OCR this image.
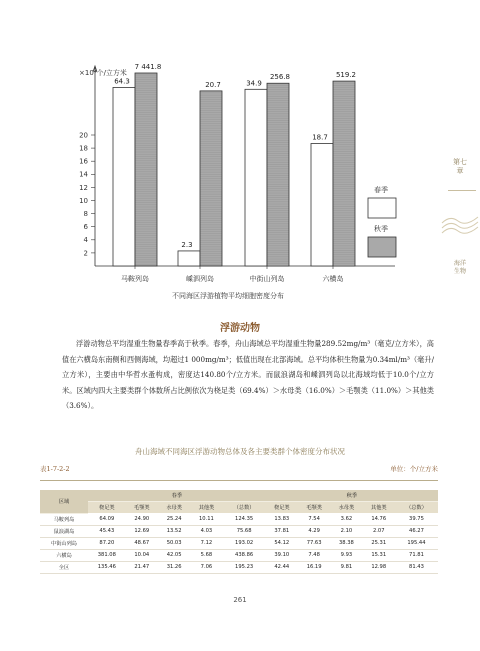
×10⁴个/立方米
2
4
6
8
10
12
14
16
18
20
64.3
7 441.8
马鞍列岛
2.3
20.7
嵊泗列岛
34.9
256.8
中街山列岛
18.7
519.2
六横岛
春季
秋季
不同海区浮游植物平均细胞密度分布
第七章
海洋生物
浮游动物

浮游动物总平均湿重生物量春季高于秋季。春季，舟山海域总平均湿重生物量289.52mg/m³（毫克/立方米），高值在六横岛东南侧和西侧海域，均超过1 000mg/m³；低值出现在北部海域。总平均体积生物量为0.34ml/m³（毫升/立方米），主要由中华哲水蚤构成，密度达140.80个/立方米。而鼠浪湖岛和嵊泗列岛以北海域均低于10.0个/立方米。区域内四大主要类群个体数所占比例依次为桡足类（69.4%）＞水母类（16.0%）＞毛颚类（11.0%）＞其他类（3.6%）。

舟山海域不同海区浮游动物总体及各主要类群个体密度分布状况
表1-7-2-2	单位：个/立方米
区域	春季					秋季				
	桡足类	毛颚类	水母类	其他类	（总数）	桡足类	毛颚类	水母类	其他类	（总数）
马鞍列岛	64.09	24.90	25.24	10.11	124.35	13.83	7.54	3.62	14.76	39.75
鼠浪湖岛	45.43	12.69	13.52	4.03	75.68	37.81	4.29	2.10	2.07	46.27
中街山列岛	87.20	48.67	50.03	7.12	193.02	54.12	77.63	38.38	25.31	195.44
六横岛	381.08	10.04	42.05	5.68	438.86	39.10	7.48	9.93	15.31	71.81
全区	135.46	21.47	31.26	7.06	195.23	42.44	16.19	9.81	12.98	81.43
261
